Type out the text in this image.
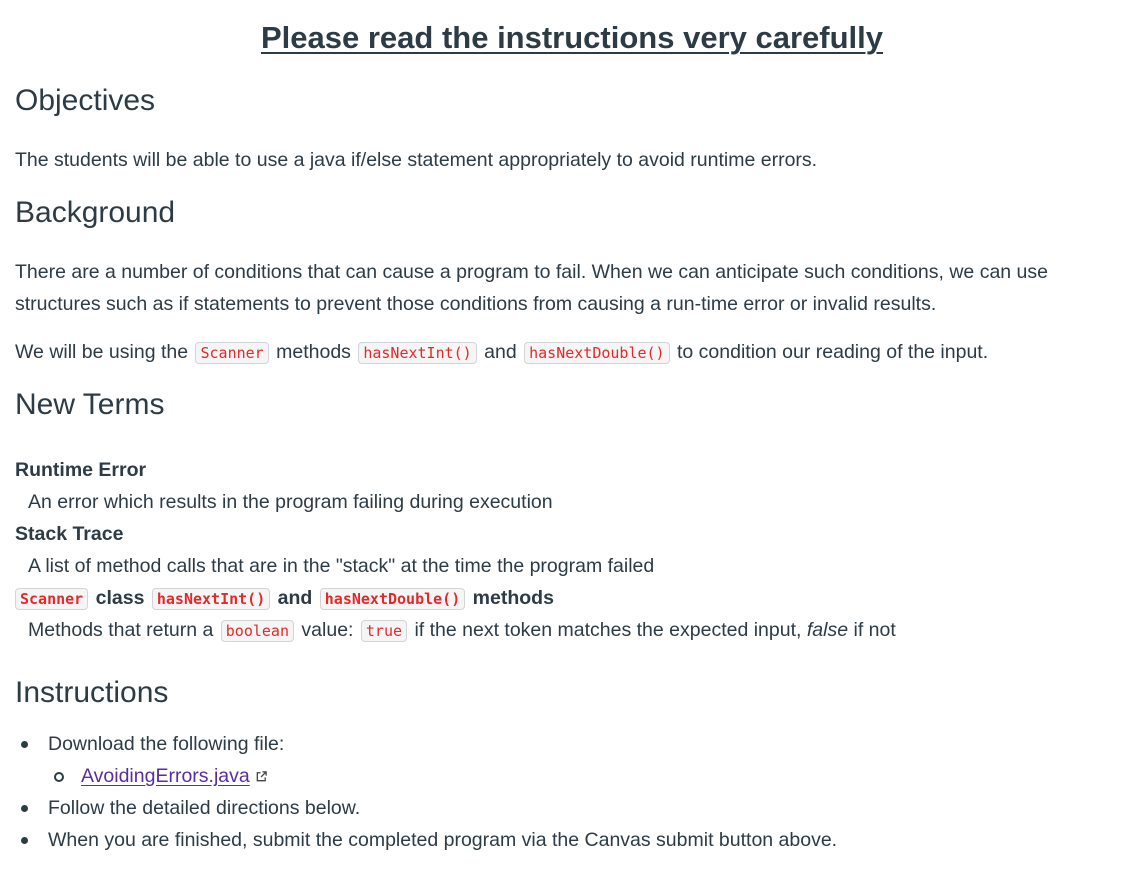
Please read the instructions very carefully
Objectives

The students will be able to use a java if/else statement appropriately to avoid runtime errors.

Background

There are a number of conditions that can cause a program to fail. When we can anticipate such conditions, we can use

structures such as if statements to prevent those conditions from causing a run-time error or invalid results.

We will be using the Scanner methods hasNextInt() and hasNextDouble() to condition our reading of the input.

New Terms

Runtime Error

An error which results in the program failing during execution

Stack Trace

A list of method calls that are in the "stack" at the time the program failed

Scanner class hasNextInt() and hasNextDouble() methods

Methods that return a boolean value: true if the next token matches the expected input, false if not

Instructions
Download the following file:
AvoidingErrors.java
Follow the detailed directions below.
When you are finished, submit the completed program via the Canvas submit button above.
